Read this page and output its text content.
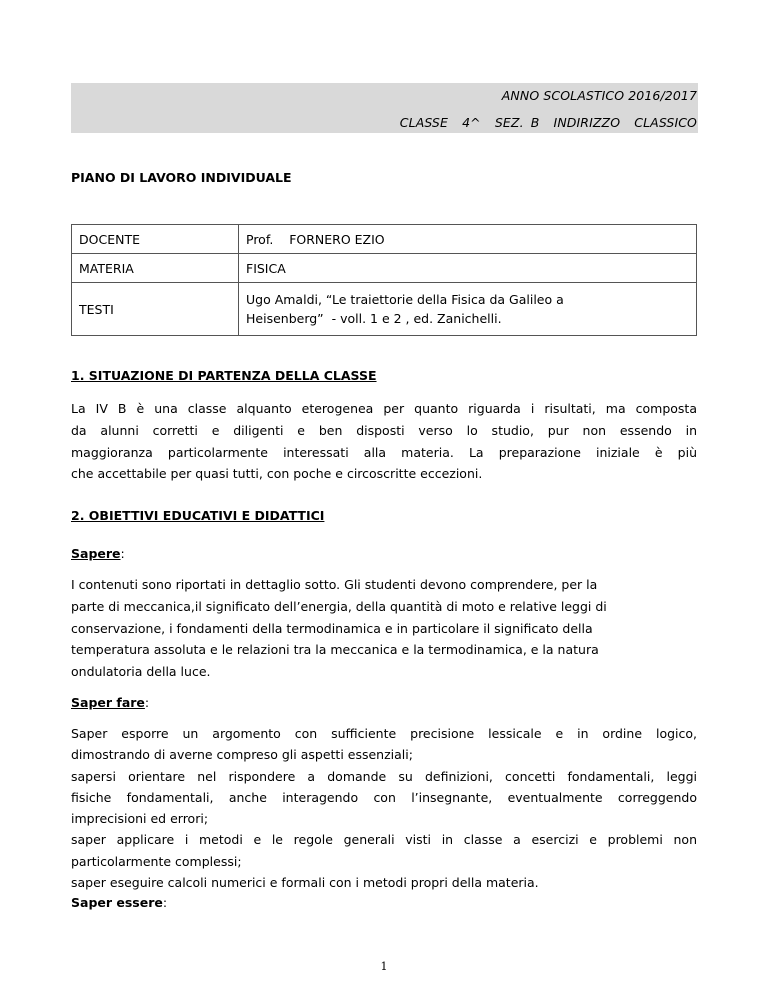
ANNO SCOLASTICO 2016/2017
CLASSE  4^  SEZ. B  INDIRIZZO  CLASSICO
PIANO DI LAVORO INDIVIDUALE
DOCENTE	Prof.    FORNERO EZIO
MATERIA	FISICA
TESTI	Ugo Amaldi, “Le traiettorie della Fisica da Galileo a
Heisenberg”  - voll. 1 e 2 , ed. Zanichelli.
1. SITUAZIONE DI PARTENZA DELLA CLASSE
La IV B è una classe alquanto eterogenea per quanto riguarda i risultati, ma composta
da alunni corretti e diligenti e ben disposti verso lo studio, pur non essendo in
maggioranza particolarmente interessati alla materia. La preparazione iniziale è più
che accettabile per quasi tutti, con poche e circoscritte eccezioni.
2. OBIETTIVI EDUCATIVI E DIDATTICI
Sapere:
I contenuti sono riportati in dettaglio sotto. Gli studenti devono comprendere, per la
parte di meccanica,il significato dell’energia, della quantità di moto e relative leggi di
conservazione, i fondamenti della termodinamica e in particolare il significato della
temperatura assoluta e le relazioni tra la meccanica e la termodinamica, e la natura
ondulatoria della luce.
Saper fare:
Saper esporre un argomento con sufficiente precisione lessicale e in ordine logico,
dimostrando di averne compreso gli aspetti essenziali;
sapersi orientare nel rispondere a domande su definizioni, concetti fondamentali, leggi
fisiche fondamentali, anche interagendo con l’insegnante, eventualmente correggendo
imprecisioni ed errori;
saper applicare i metodi e le regole generali visti in classe a esercizi e problemi non
particolarmente complessi;
saper eseguire calcoli numerici e formali con i metodi propri della materia.
Saper essere:
1
